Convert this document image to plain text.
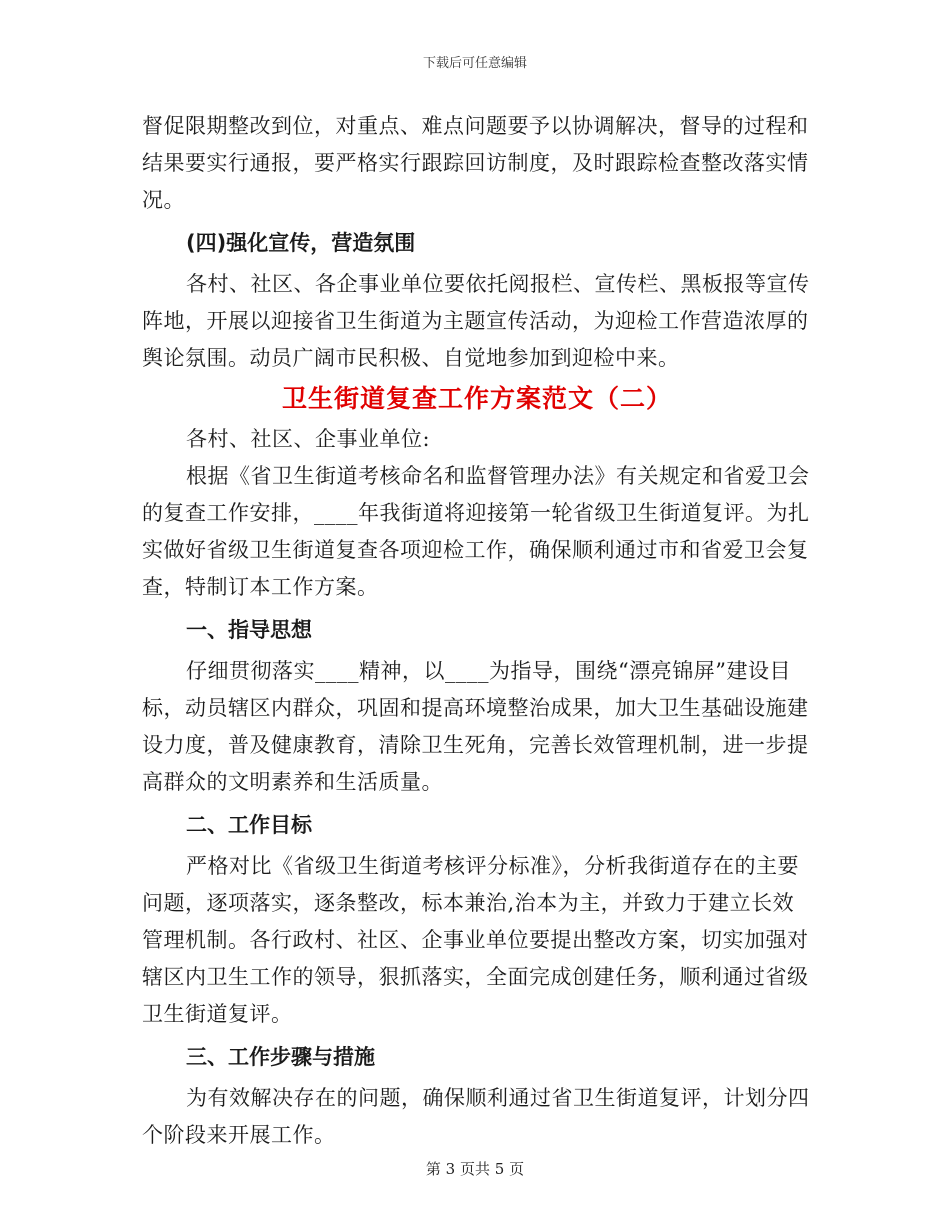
下载后可任意编辑

督促限期整改到位，对重点、难点问题要予以协调解决，督导的过程和结果要实行通报，要严格实行跟踪回访制度，及时跟踪检查整改落实情况。

(四)强化宣传，营造氛围

各村、社区、各企事业单位要依托阅报栏、宣传栏、黑板报等宣传阵地，开展以迎接省卫生街道为主题宣传活动，为迎检工作营造浓厚的舆论氛围。动员广阔市民积极、自觉地参加到迎检中来。

卫生街道复查工作方案范文（二）

各村、社区、企事业单位:

根据《省卫生街道考核命名和监督管理办法》有关规定和省爱卫会的复查工作安排，____年我街道将迎接第一轮省级卫生街道复评。为扎实做好省级卫生街道复查各项迎检工作，确保顺利通过市和省爱卫会复查，特制订本工作方案。

一、指导思想

仔细贯彻落实____精神，以____为指导，围绕“漂亮锦屏”建设目标，动员辖区内群众，巩固和提高环境整治成果，加大卫生基础设施建设力度，普及健康教育，清除卫生死角，完善长效管理机制，进一步提高群众的文明素养和生活质量。

二、工作目标

严格对比《省级卫生街道考核评分标准》，分析我街道存在的主要问题，逐项落实，逐条整改，标本兼治,治本为主，并致力于建立长效管理机制。各行政村、社区、企事业单位要提出整改方案，切实加强对辖区内卫生工作的领导，狠抓落实，全面完成创建任务，顺利通过省级卫生街道复评。

三、工作步骤与措施

为有效解决存在的问题，确保顺利通过省卫生街道复评，计划分四个阶段来开展工作。

第 3 页共 5 页
